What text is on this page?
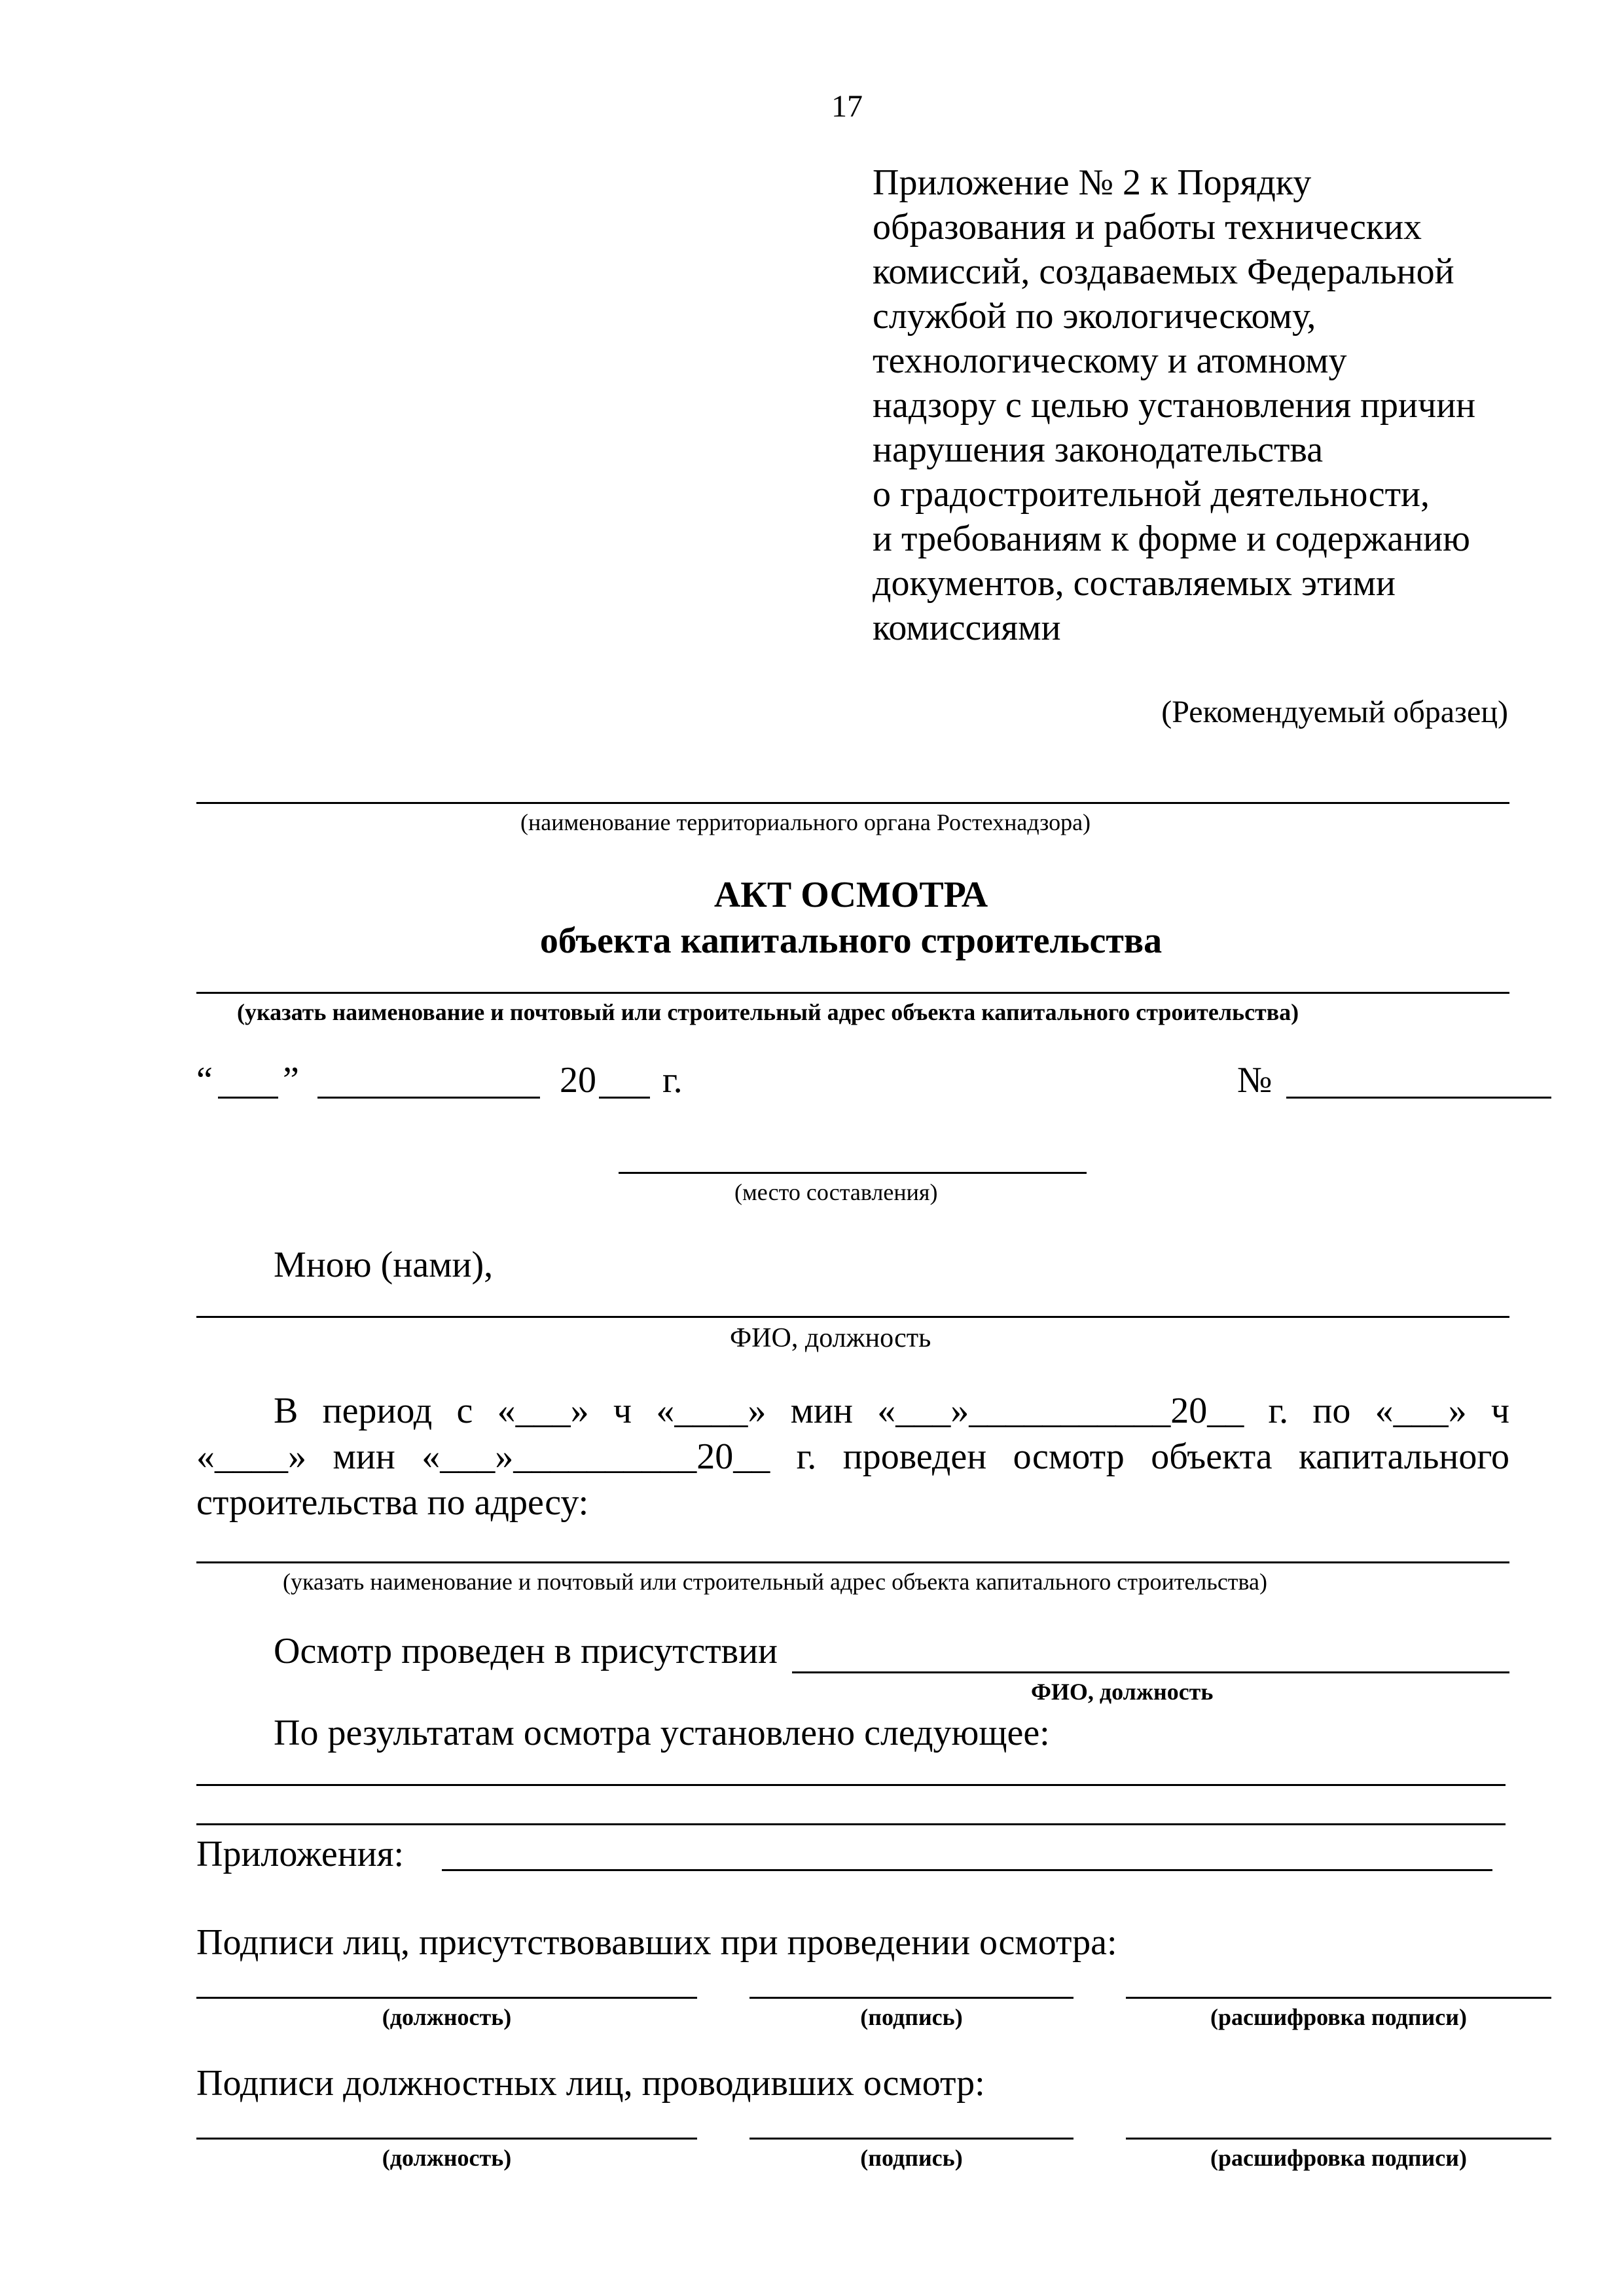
17
Приложение № 2 к Порядку
образования и работы технических
комиссий, создаваемых Федеральной
службой по экологическому,
технологическому и атомному
надзору с целью установления причин
нарушения законодательства
о градостроительной деятельности,
и требованиям к форме и содержанию
документов, составляемых этими
комиссиями
(Рекомендуемый образец)
(наименование территориального органа Ростехнадзора)
АКТ ОСМОТРА
объекта капитального строительства
(указать наименование и почтовый или строительный адрес объекта капитального строительства)
“ ”	20 г.	№
(место составления)
Мною (нами),
ФИО, должность
В период с «___» ч «____» мин «___»___________20__ г. по «___» ч
«____» мин «___»__________20__ г. проведен осмотр объекта капитального
строительства по адресу:
(указать наименование и почтовый или строительный адрес объекта капитального строительства)
Осмотр проведен в присутствии
ФИО, должность
По результатам осмотра установлено следующее:
Приложения:
Подписи лиц, присутствовавших при проведении осмотра:
(должность)	(подпись)	(расшифровка подписи)
Подписи должностных лиц, проводивших осмотр:
(должность)	(подпись)	(расшифровка подписи)
